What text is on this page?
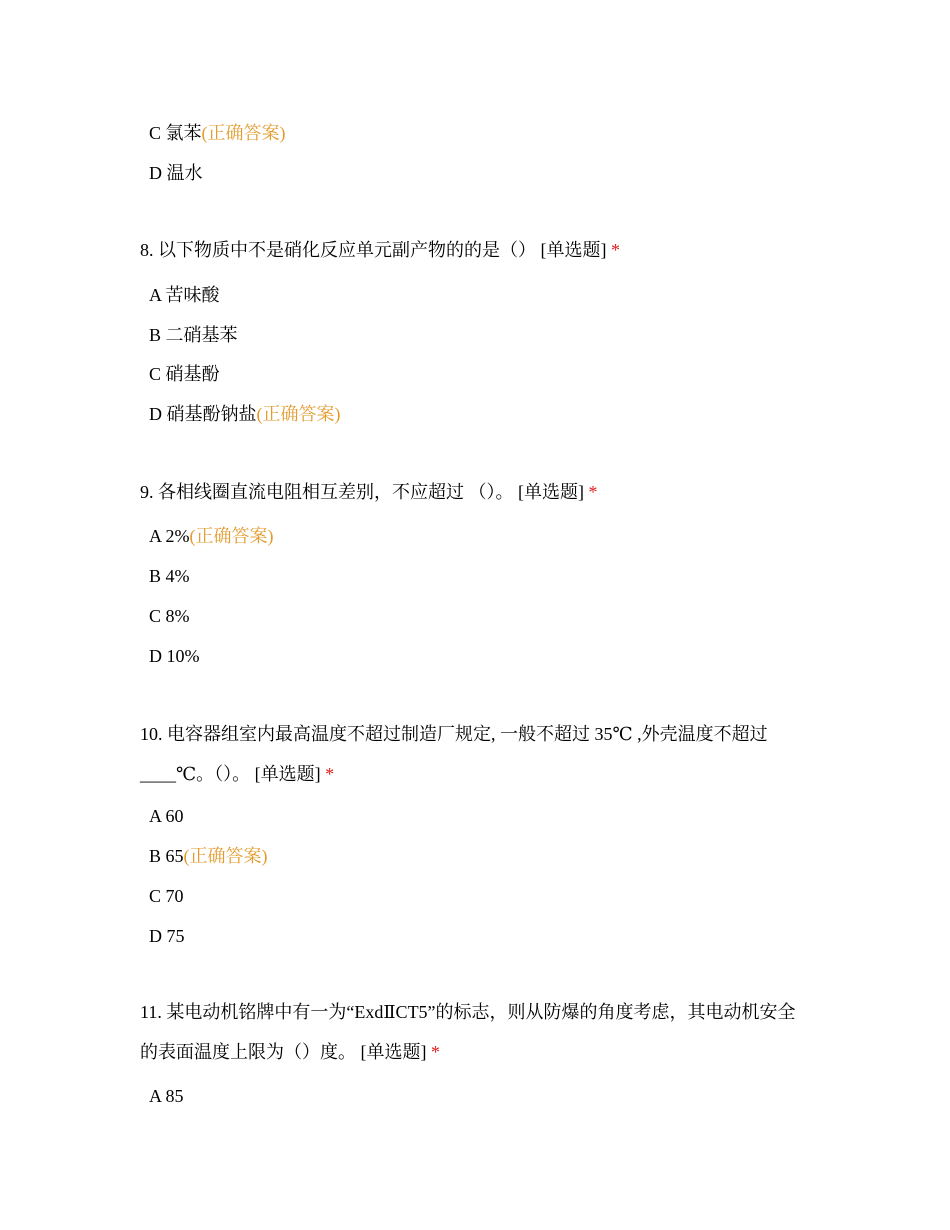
C 氯苯(正确答案)
D 温水
8. 以下物质中不是硝化反应单元副产物的的是（） [单选题] *
A 苦味酸
B 二硝基苯
C 硝基酚
D 硝基酚钠盐(正确答案)
9. 各相线圈直流电阻相互差别，不应超过 （）。 [单选题] *
A 2%(正确答案)
B 4%
C 8%
D 10%
10. 电容器组室内最高温度不超过制造厂规定, 一般不超过 35℃ ,外壳温度不超过____℃。（）。 [单选题] *
A 60
B 65(正确答案)
C 70
D 75
11. 某电动机铭牌中有一为“ExdⅡCT5”的标志，则从防爆的角度考虑，其电动机安全的表面温度上限为（）度。 [单选题] *
A 85
